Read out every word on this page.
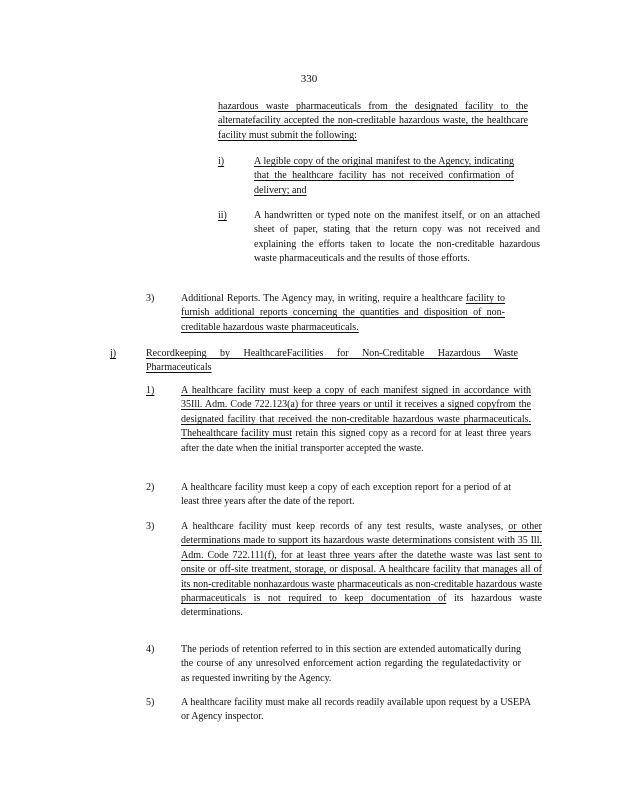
330
hazardous waste pharmaceuticals from the designated facility to the alternatefacility accepted the non-creditable hazardous waste, the healthcare facility must submit the following:
i)	A legible copy of the original manifest to the Agency, indicating that the healthcare facility has not received confirmation of delivery; and
ii)	A handwritten or typed note on the manifest itself, or on an attached sheet of paper, stating that the return copy was not received and explaining the efforts taken to locate the non-creditable hazardous waste pharmaceuticals and the results of those efforts.
3)	Additional Reports. The Agency may, in writing, require a healthcare facility to furnish additional reports concerning the quantities and disposition of non-creditable hazardous waste pharmaceuticals.
j)	Recordkeeping by HealthcareFacilities for Non-Creditable Hazardous Waste Pharmaceuticals
1)	A healthcare facility must keep a copy of each manifest signed in accordance with 35Ill. Adm. Code 722.123(a) for three years or until it receives a signed copyfrom the designated facility that received the non-creditable hazardous waste pharmaceuticals. Thehealthcare facility must retain this signed copy as a record for at least three years after the date when the initial transporter accepted the waste.
2)	A healthcare facility must keep a copy of each exception report for a period of at least three years after the date of the report.
3)	A healthcare facility must keep records of any test results, waste analyses, or other determinations made to support its hazardous waste determinations consistent with 35 Ill. Adm. Code 722.111(f), for at least three years after the datethe waste was last sent to onsite or off-site treatment, storage, or disposal. A healthcare facility that manages all of its non-creditable nonhazardous waste pharmaceuticals as non-creditable hazardous waste pharmaceuticals is not required to keep documentation of its hazardous waste determinations.
4)	The periods of retention referred to in this section are extended automatically during the course of any unresolved enforcement action regarding the regulatedactivity or as requested inwriting by the Agency.
5)	A healthcare facility must make all records readily available upon request by a USEPA or Agency inspector.
